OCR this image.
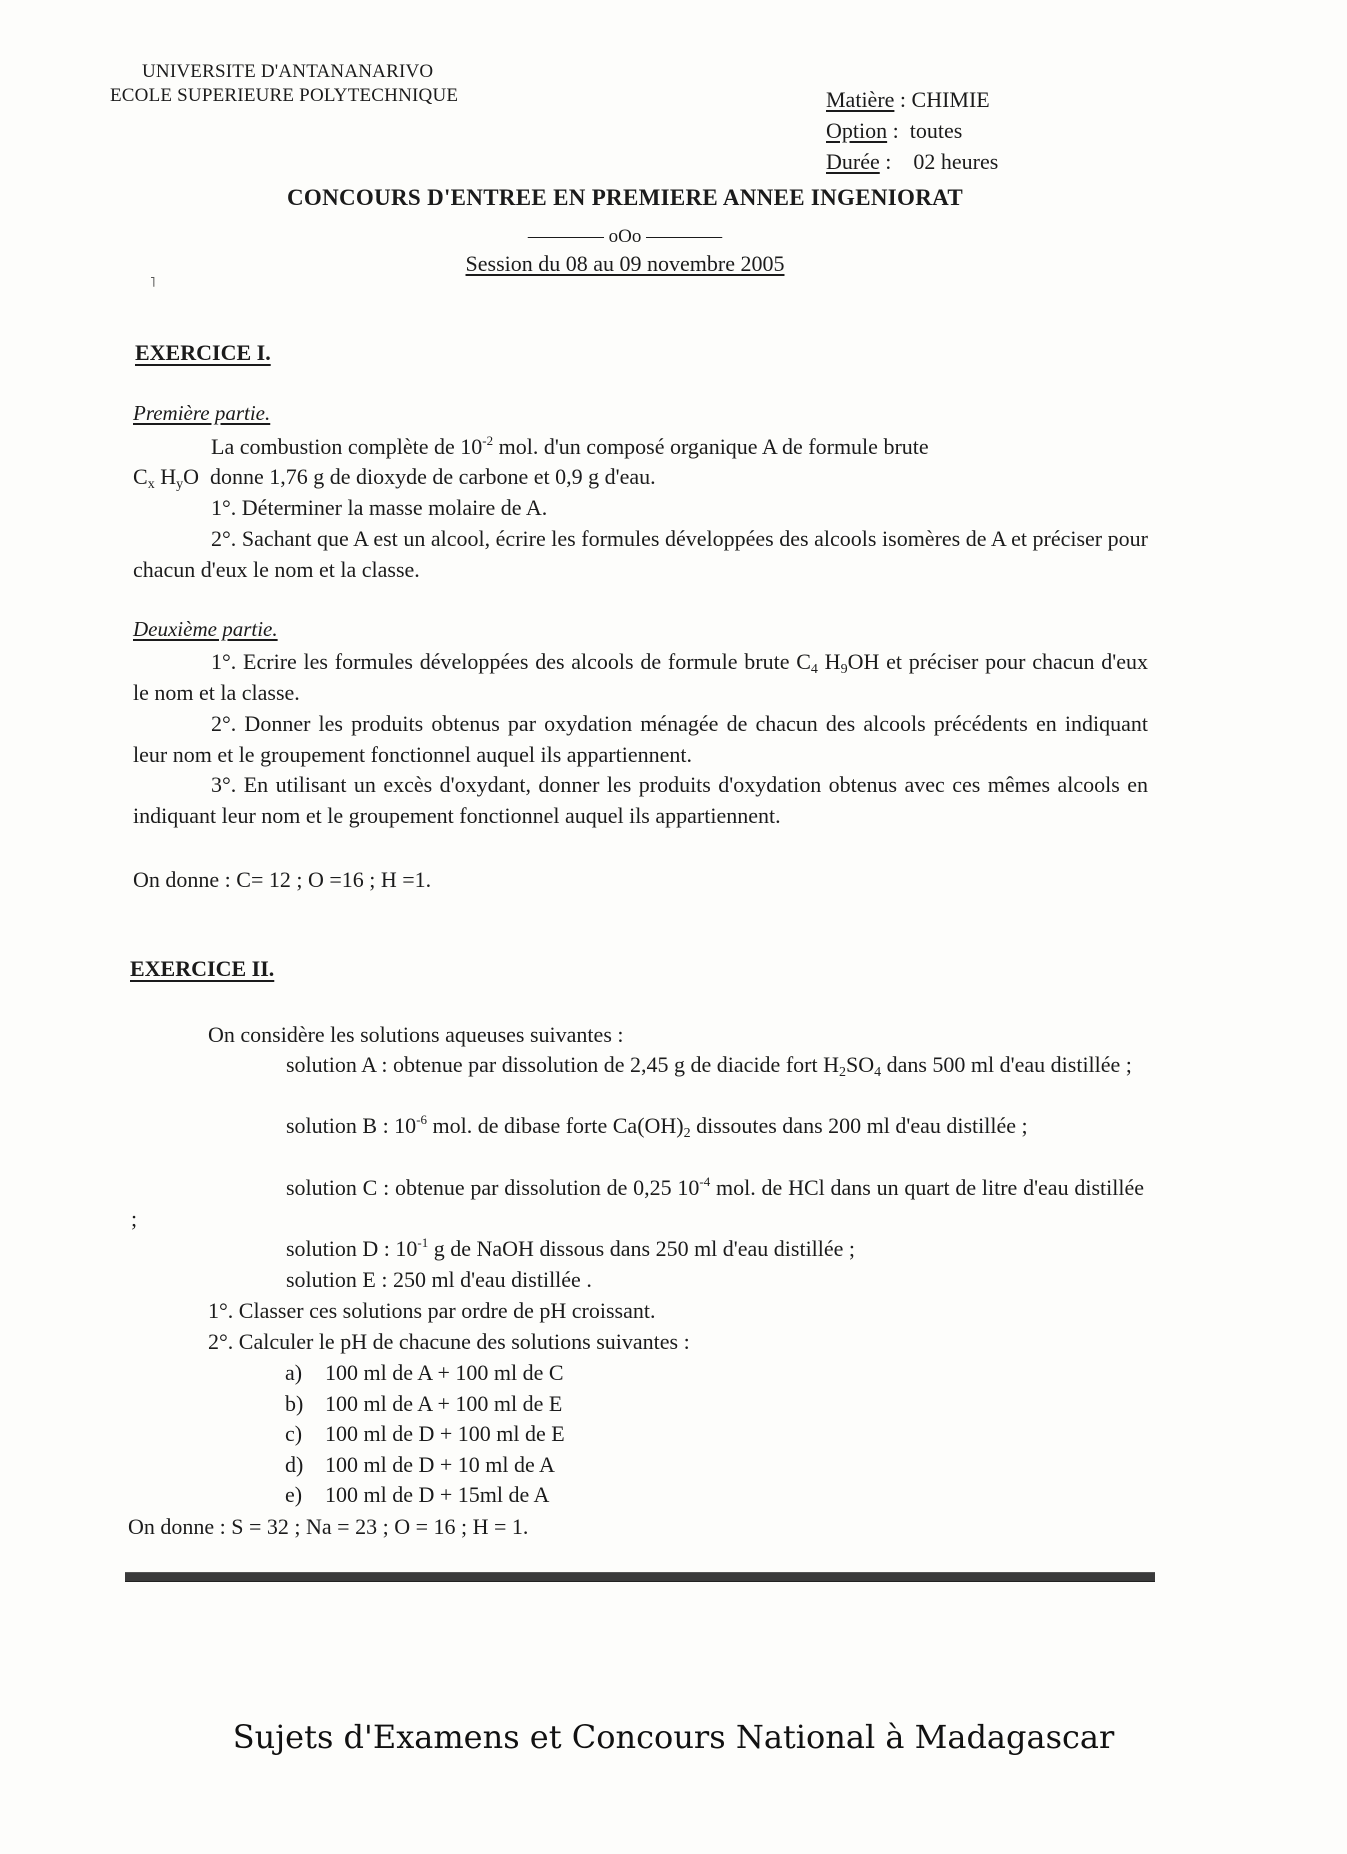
UNIVERSITE D'ANTANANARIVO
ECOLE SUPERIEURE POLYTECHNIQUE	Matière : CHIMIE
Option :  toutes
Durée :    02 heures
CONCOURS D'ENTREE EN PREMIERE ANNEE INGENIORAT
———— oOo ————
Session du 08 au 09 novembre 2005
˥
EXERCICE I.
Première partie.
La combustion complète de $10^{-2}$ mol. d'un composé organique A de formule brute
$C_x$ $H_yO$  donne 1,76 g de dioxyde de carbone et 0,9 g d'eau.
1°. Déterminer la masse molaire de A.
2°. Sachant que A est un alcool, écrire les formules développées des alcools isomères de A et préciser pour chacun d'eux le nom et la classe.
Deuxième partie.
1°. Ecrire les formules développées des alcools de formule brute $C_4$ $H_9OH$ et préciser pour chacun d'eux le nom et la classe.
2°. Donner les produits obtenus par oxydation ménagée de chacun des alcools précédents en indiquant leur nom et le groupement fonctionnel auquel ils appartiennent.
3°. En utilisant un excès d'oxydant, donner les produits d'oxydation obtenus avec ces mêmes alcools en indiquant leur nom et le groupement fonctionnel auquel ils appartiennent.
On donne : C= 12 ; O =16 ; H =1.
EXERCICE II.
On considère les solutions aqueuses suivantes :
solution A : obtenue par dissolution de 2,45 g de diacide fort $H_2SO_4$ dans 500 ml d'eau distillée ;
solution B : $10^{-6}$ mol. de dibase forte $Ca(OH)_2$ dissoutes dans 200 ml d'eau distillée ;
solution C : obtenue par dissolution de 0,25 $10^{-4}$ mol. de HCl dans un quart de litre d'eau distillée ;
solution D : $10^{-1}$ g de NaOH dissous dans 250 ml d'eau distillée ;
solution E : 250 ml d'eau distillée .
1°. Classer ces solutions par ordre de pH croissant.
2°. Calculer le pH de chacune des solutions suivantes :
a) 100 ml de A + 100 ml de C
b) 100 ml de A + 100 ml de E
c) 100 ml de D + 100 ml de E
d) 100 ml de D + 10 ml de A
e) 100 ml de D + 15ml de A
On donne : S = 32 ; Na = 23 ; O = 16 ; H = 1.
Sujets d'Examens et Concours National à Madagascar
